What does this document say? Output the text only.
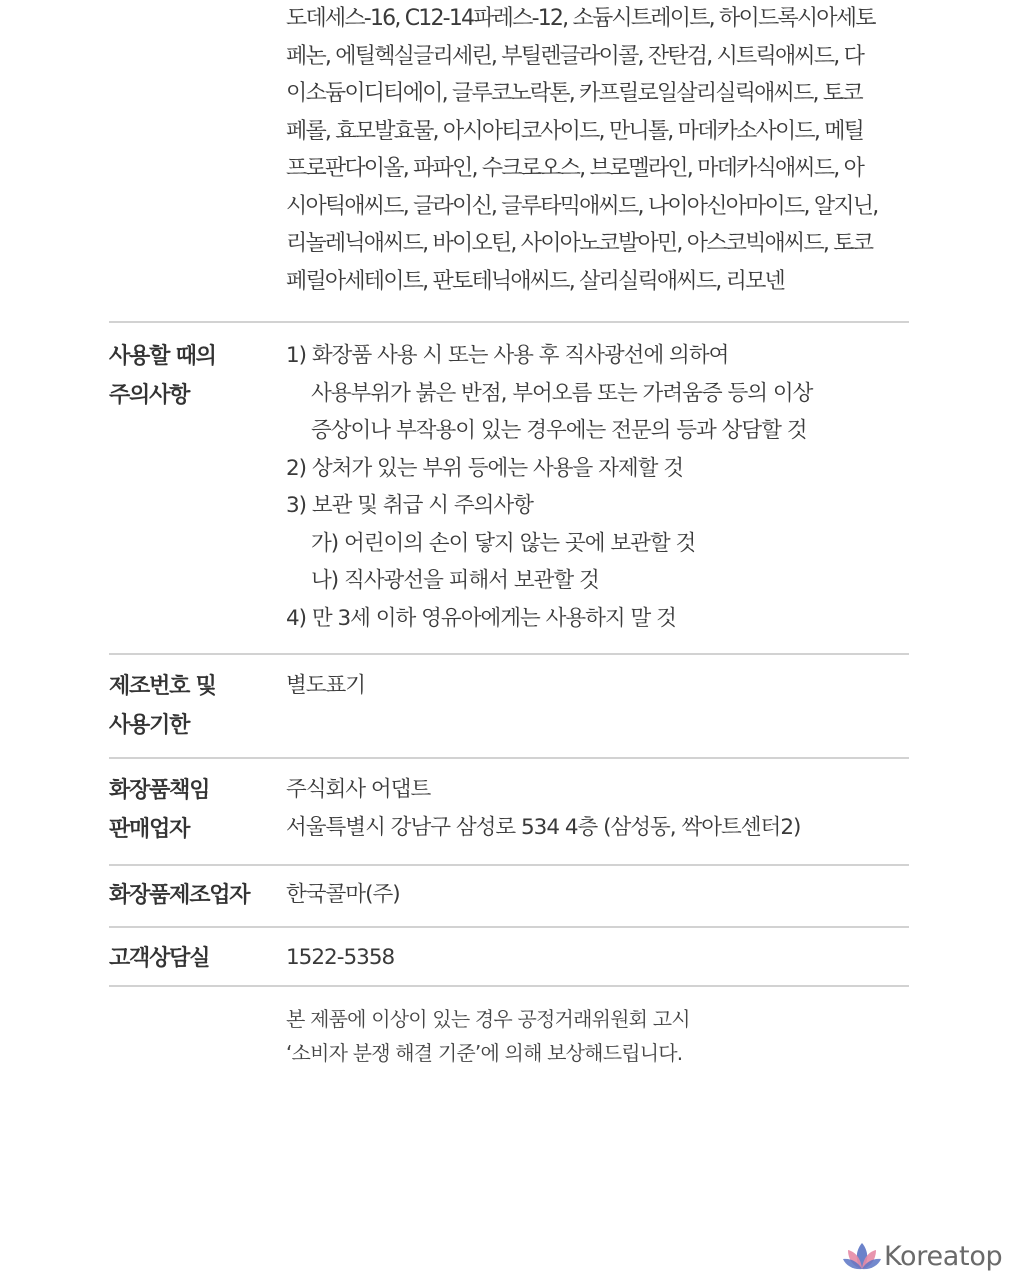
도데세스-16, C12-14파레스-12, 소듐시트레이트, 하이드록시아세토
페논, 에틸헥실글리세린, 부틸렌글라이콜, 잔탄검, 시트릭애씨드, 다
이소듐이디티에이, 글루코노락톤, 카프릴로일살리실릭애씨드, 토코
페롤, 효모발효물, 아시아티코사이드, 만니톨, 마데카소사이드, 메틸
프로판다이올, 파파인, 수크로오스, 브로멜라인, 마데카식애씨드, 아
시아틱애씨드, 글라이신, 글루타믹애씨드, 나이아신아마이드, 알지닌,
리놀레닉애씨드, 바이오틴, 사이아노코발아민, 아스코빅애씨드, 토코
페릴아세테이트, 판토테닉애씨드, 살리실릭애씨드, 리모넨
사용할 때의
주의사항
1) 화장품 사용 시 또는 사용 후 직사광선에 의하여
사용부위가 붉은 반점, 부어오름 또는 가려움증 등의 이상
증상이나 부작용이 있는 경우에는 전문의 등과 상담할 것
2) 상처가 있는 부위 등에는 사용을 자제할 것
3) 보관 및 취급 시 주의사항
가) 어린이의 손이 닿지 않는 곳에 보관할 것
나) 직사광선을 피해서 보관할 것
4) 만 3세 이하 영유아에게는 사용하지 말 것
제조번호 및
사용기한
별도표기
화장품책임
판매업자
주식회사 어댑트
서울특별시 강남구 삼성로 534 4층 (삼성동, 싹아트센터2)
화장품제조업자	한국콜마(주)
고객상담실	1522-5358
본 제품에 이상이 있는 경우 공정거래위원회 고시
‘소비자 분쟁 해결 기준’에 의해 보상해드립니다.
Koreatop
